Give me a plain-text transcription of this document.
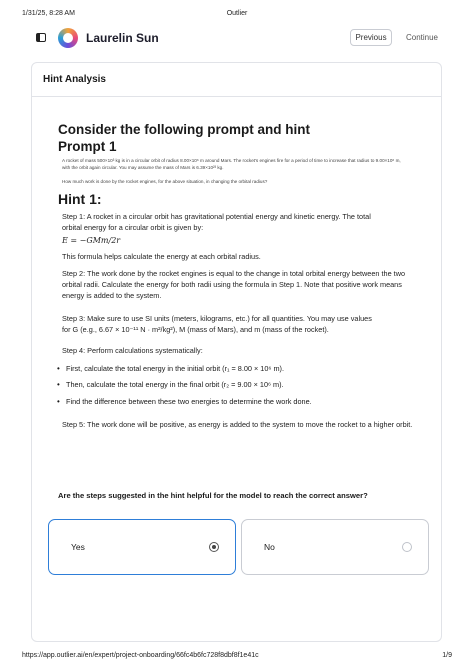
1/31/25, 8:28 AM	Outlier
Laurelin Sun	Previous	Continue
Hint Analysis
Consider the following prompt and hint
Prompt 1
A rocket of mass 500×10³ kg is in a circular orbit of radius 8.00×10⁶ m around Mars. The rocket's engines fire for a period of time to increase that radius to 9.00×10⁶ m, with the orbit again circular. You may assume the mass of Mars is 6.39×10²³ kg.
How much work is done by the rocket engines, for the above situation, in changing the orbital radius?
Hint 1:
Step 1: A rocket in a circular orbit has gravitational potential energy and kinetic energy. The total
orbital energy for a circular orbit is given by:
E = −GMm/2r
This formula helps calculate the energy at each orbital radius.
Step 2: The work done by the rocket engines is equal to the change in total orbital energy between the two orbital radii. Calculate the energy for both radii using the formula in Step 1. Note that positive work means energy is added to the system.
Step 3: Make sure to use SI units (meters, kilograms, etc.) for all quantities. You may use values
for G (e.g., 6.67 × 10⁻¹¹ N · m²/kg²), M (mass of Mars), and m (mass of the rocket).
Step 4: Perform calculations systematically:
• First, calculate the total energy in the initial orbit (r₁ = 8.00 × 10⁶ m).
• Then, calculate the total energy in the final orbit (r₂ = 9.00 × 10⁶ m).
• Find the difference between these two energies to determine the work done.
Step 5: The work done will be positive, as energy is added to the system to move the rocket to a higher orbit.
Are the steps suggested in the hint helpful for the model to reach the correct answer?
Yes	No
https://app.outlier.ai/en/expert/project-onboarding/66fc4b6fc728f8dbf8f1e41c	1/9
